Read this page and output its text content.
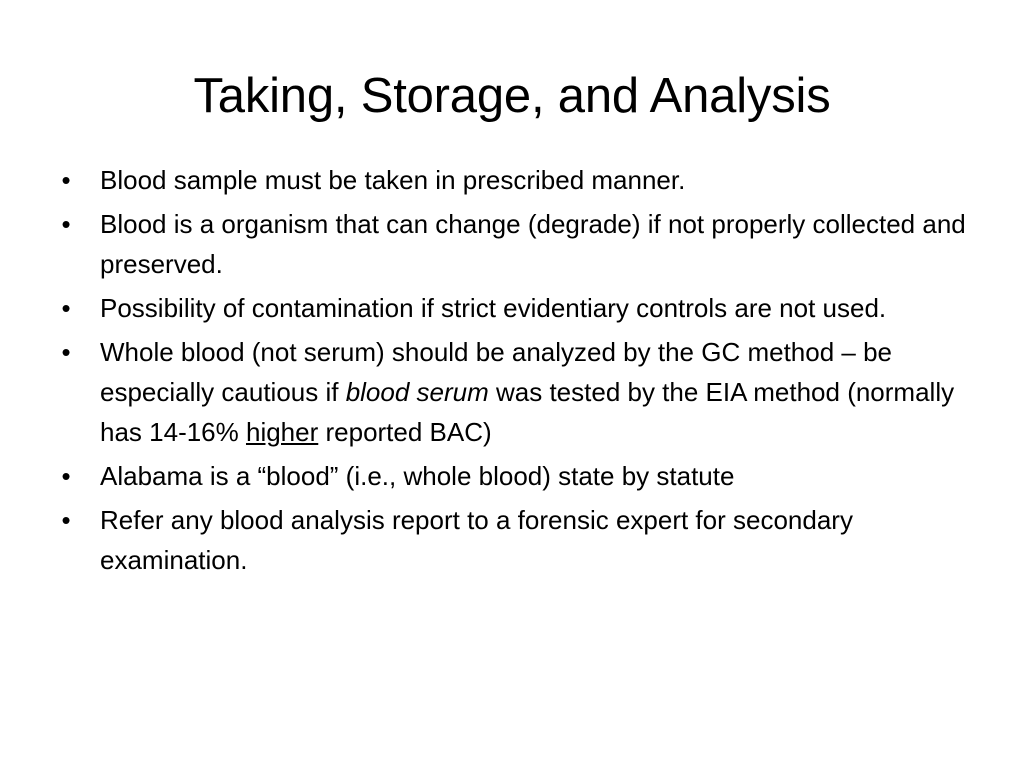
Taking, Storage, and Analysis
• Blood sample must be taken in prescribed manner.
• Blood is a organism that can change (degrade) if not properly collected and preserved.
• Possibility of contamination if strict evidentiary controls are not used.
• Whole blood (not serum) should be analyzed by the GC method – be especially cautious if blood serum was tested by the EIA method (normally has 14-16% higher reported BAC)
• Alabama is a “blood” (i.e., whole blood) state by statute
• Refer any blood analysis report to a forensic expert for secondary examination.
